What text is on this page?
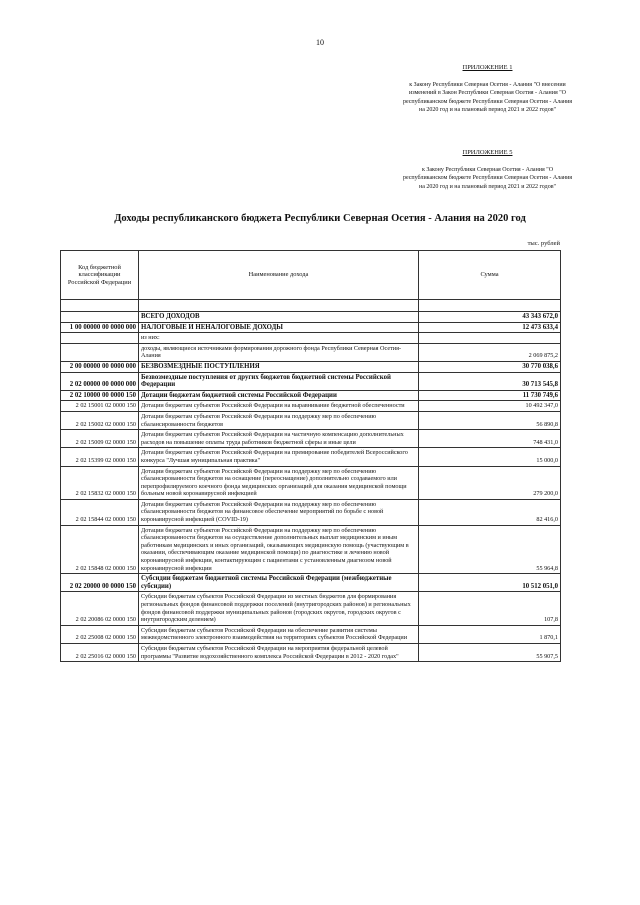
10
ПРИЛОЖЕНИЕ 1
к Закону Республики Северная Осетия - Алания "О внесении изменений в Закон Республики Северная Осетия - Алания "О республиканском бюджете Республики Северная Осетия - Алания на 2020 год и на плановый период 2021 и 2022 годов"
ПРИЛОЖЕНИЕ 5
к Закону Республики Северная Осетия - Алания "О республиканском бюджете Республики Северная Осетия - Алания на 2020 год и на плановый период 2021 и 2022 годов"
Доходы республиканского бюджета Республики Северная Осетия - Алания на 2020 год
тыс. рублей
Код бюджетной классификации Российской Федерации	Наименование дохода	Сумма

	ВСЕГО ДОХОДОВ	43 343 672,0
1 00 00000 00 0000 000	НАЛОГОВЫЕ И НЕНАЛОГОВЫЕ ДОХОДЫ	12 473 633,4
	из них:	
	доходы, являющиеся источниками формирования дорожного фонда Республики Северная Осетия-Алания	2 069 875,2
2 00 00000 00 0000 000	БЕЗВОЗМЕЗДНЫЕ ПОСТУПЛЕНИЯ	30 770 038,6
2 02 00000 00 0000 000	Безвозмездные поступления от других бюджетов бюджетной системы Российской Федерации	30 713 545,8
2 02 10000 00 0000 150	Дотации бюджетам бюджетной системы Российской Федерации	11 730 749,6
2 02 15001 02 0000 150	Дотации бюджетам субъектов Российской Федерации на выравнивание бюджетной обеспеченности	10 492 347,0
2 02 15002 02 0000 150	Дотации бюджетам субъектов Российской Федерации на поддержку мер по обеспечению сбалансированности бюджетов	56 890,8
2 02 15009 02 0000 150	Дотации бюджетам субъектов Российской Федерации на частичную компенсацию дополнительных расходов на повышение оплаты труда работников бюджетной сферы и иные цели	748 431,0
2 02 15399 02 0000 150	Дотации бюджетам субъектов Российской Федерации на премирование победителей Всероссийского конкурса "Лучшая муниципальная практика"	15 000,0
2 02 15832 02 0000 150	Дотации бюджетам субъектов Российской Федерации на поддержку мер по обеспечению сбалансированности бюджетов на оснащение (переоснащение) дополнительно создаваемого или перепрофилируемого коечного фонда медицинских организаций для оказания медицинской помощи больным новой коронавирусной инфекцией	279 200,0
2 02 15844 02 0000 150	Дотации бюджетам субъектов Российской Федерации на поддержку мер по обеспечению сбалансированности бюджетов на финансовое обеспечение мероприятий по борьбе с новой коронавирусной инфекцией (COVID-19)	82 416,0
2 02 15848 02 0000 150	Дотации бюджетам субъектов Российской Федерации на поддержку мер по обеспечению сбалансированности бюджетов на осуществление дополнительных выплат медицинским и иным работникам медицинских и иных организаций, оказывающих медицинскую помощь (участвующим в оказании, обеспечивающим оказание медицинской помощи) по диагностике и лечению новой коронавирусной инфекции, контактирующим с пациентами с установленным диагнозом новой коронавирусной инфекции	55 964,8
2 02 20000 00 0000 150	Субсидии бюджетам бюджетной системы Российской Федерации (межбюджетные субсидии)	10 512 051,0
2 02 20086 02 0000 150	Субсидии бюджетам субъектов Российской Федерации из местных бюджетов для формирования региональных фондов финансовой поддержки поселений (внутригородских районов) и региональных фондов финансовой поддержки муниципальных районов (городских округов, городских округов с внутригородским делением)	107,8
2 02 25008 02 0000 150	Субсидии бюджетам субъектов Российской Федерации на обеспечение развития системы межведомственного электронного взаимодействия на территориях субъектов Российской Федерации	1 870,1
2 02 25016 02 0000 150	Субсидии бюджетам субъектов Российской Федерации на мероприятия федеральной целевой программы "Развитие водохозяйственного комплекса Российской Федерации в 2012 - 2020 годах"	55 907,5
